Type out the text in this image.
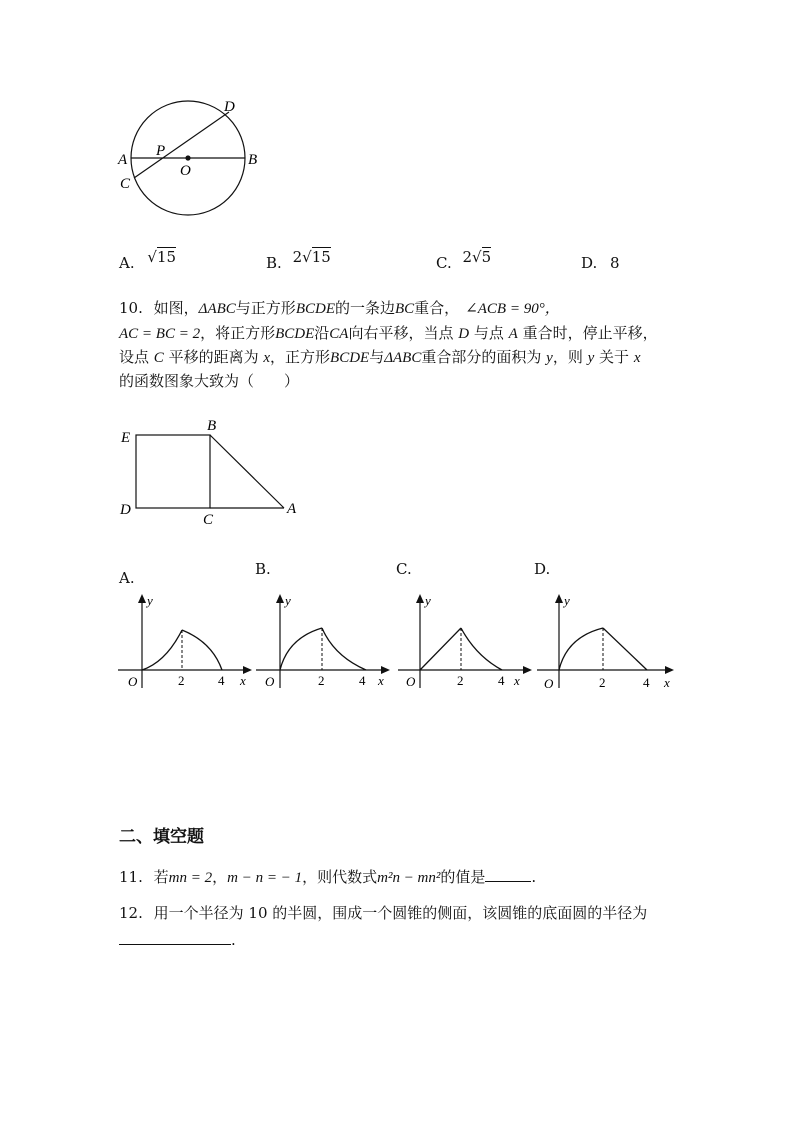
D
A
P
O
B
C
A. √15	B. 2√15	C. 2√5	D. 8
10. 如图，ΔABC与正方形BCDE的一条边BC重合， ∠ACB = 90°，
AC = BC = 2，将正方形BCDE沿CA向右平移，当点 D 与点 A 重合时，停止平移，
设点 C 平移的距离为 x，正方形BCDE与ΔABC重合部分的面积为 y，则 y 关于 x
的函数图象大致为（　　）
E
B
D
C
A
A.	B.	C.	D.
y
x
O	2	4
y
x
O	2	4
y
x
O	2	4
y
x
O	2	4
二、填空题
11. 若mn = 2，m − n = − 1，则代数式m²n − mn²的值是	.
12. 用一个半径为 10 的半圆，围成一个圆锥的侧面，该圆锥的底面圆的半径为
.
